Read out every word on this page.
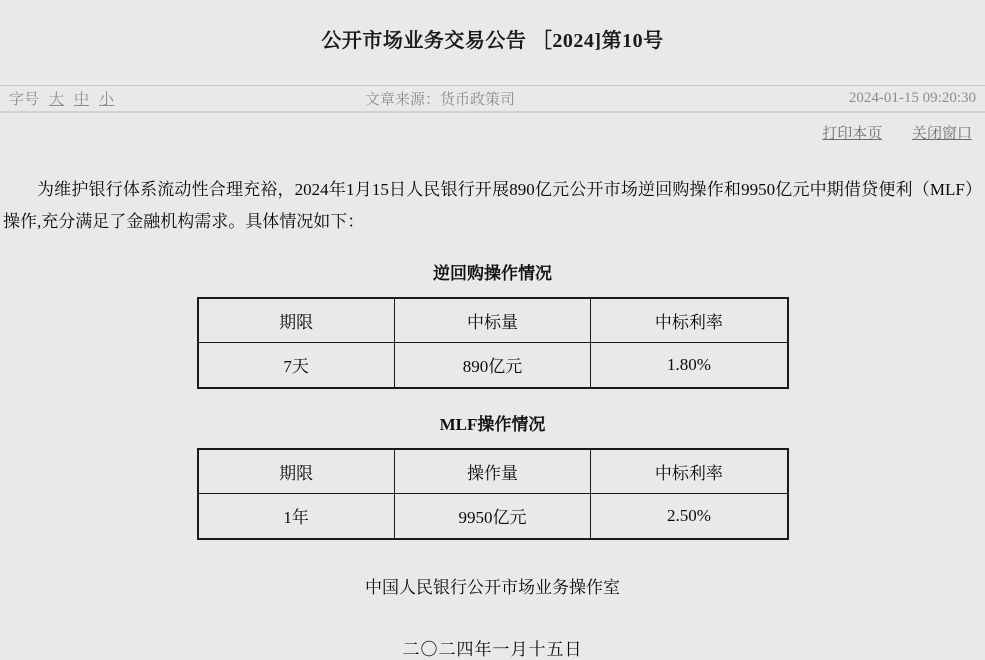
公开市场业务交易公告 ［2024]第10号
字号 大 中 小	文章来源：货币政策司	2024-01-15 09:20:30
打印本页 关闭窗口

为维护银行体系流动性合理充裕，2024年1月15日人民银行开展890亿元公开市场逆回购操作和9950亿元中期借贷便利（MLF）操作,充分满足了金融机构需求。具体情况如下：

逆回购操作情况
期限	中标量	中标利率
7天	890亿元	1.80%
MLF操作情况
期限	操作量	中标利率
1年	9950亿元	2.50%
中国人民银行公开市场业务操作室
二〇二四年一月十五日
